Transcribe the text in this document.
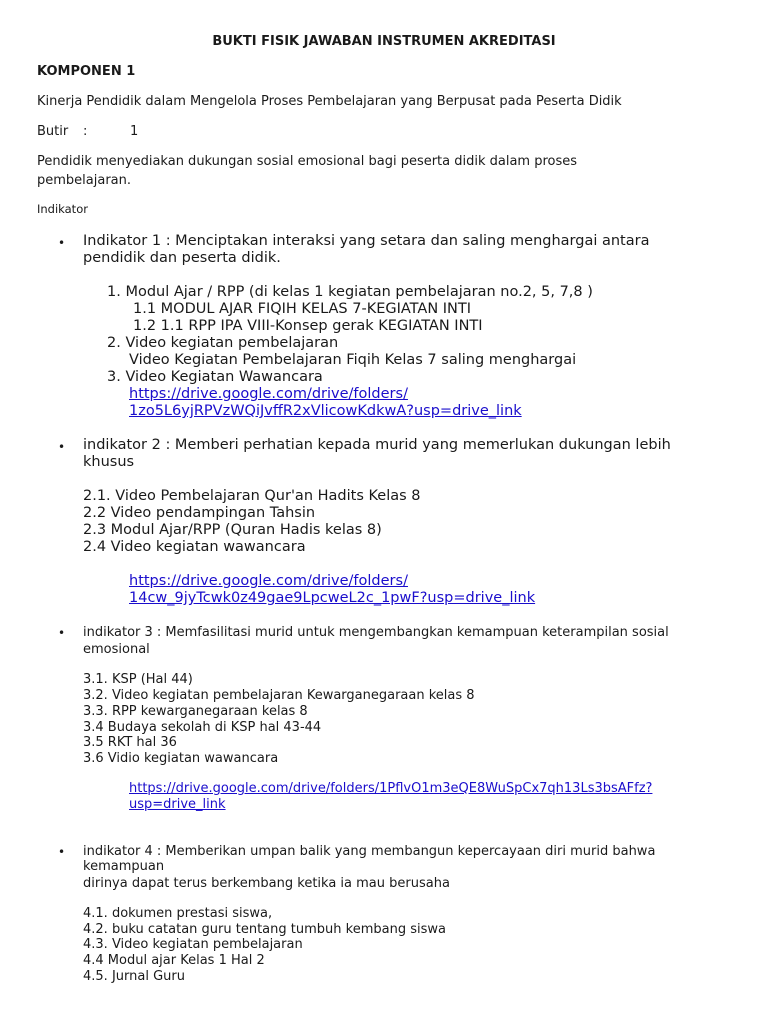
BUKTI FISIK JAWABAN INSTRUMEN AKREDITASI
KOMPONEN 1
Kinerja Pendidik dalam Mengelola Proses Pembelajaran yang Berpusat pada Peserta Didik
Butir :	1
Pendidik menyediakan dukungan sosial emosional bagi peserta didik dalam proses
pembelajaran.
Indikator
• Indikator 1 : Menciptakan interaksi yang setara dan saling menghargai antara
pendidik dan peserta didik.
1. Modul Ajar / RPP (di kelas 1 kegiatan pembelajaran no.2, 5, 7,8 )
1.1 MODUL AJAR FIQIH KELAS 7-KEGIATAN INTI
1.2 1.1 RPP IPA VIII-Konsep gerak KEGIATAN INTI
2. Video kegiatan pembelajaran
Video Kegiatan Pembelajaran Fiqih Kelas 7 saling menghargai
3. Video Kegiatan Wawancara
https://drive.google.com/drive/folders/
1zo5L6yjRPVzWQiJvffR2xVlicowKdkwA?usp=drive_link
• indikator 2 : Memberi perhatian kepada murid yang memerlukan dukungan lebih
khusus
2.1. Video Pembelajaran Qur'an Hadits Kelas 8
2.2 Video pendampingan Tahsin
2.3 Modul Ajar/RPP (Quran Hadis kelas 8)
2.4 Video kegiatan wawancara
https://drive.google.com/drive/folders/
14cw_9jyTcwk0z49gae9LpcweL2c_1pwF?usp=drive_link
• indikator 3 : Memfasilitasi murid untuk mengembangkan kemampuan keterampilan sosial
emosional
3.1. KSP (Hal 44)
3.2. Video kegiatan pembelajaran Kewarganegaraan kelas 8
3.3. RPP kewarganegaraan kelas 8
3.4 Budaya sekolah di KSP hal 43-44
3.5 RKT hal 36
3.6 Vidio kegiatan wawancara
https://drive.google.com/drive/folders/1PflvO1m3eQE8WuSpCx7qh13Ls3bsAFfz?
usp=drive_link
• indikator 4 : Memberikan umpan balik yang membangun kepercayaan diri murid bahwa
kemampuan
dirinya dapat terus berkembang ketika ia mau berusaha
4.1. dokumen prestasi siswa,
4.2. buku catatan guru tentang tumbuh kembang siswa
4.3. Video kegiatan pembelajaran
4.4 Modul ajar Kelas 1 Hal 2
4.5. Jurnal Guru
